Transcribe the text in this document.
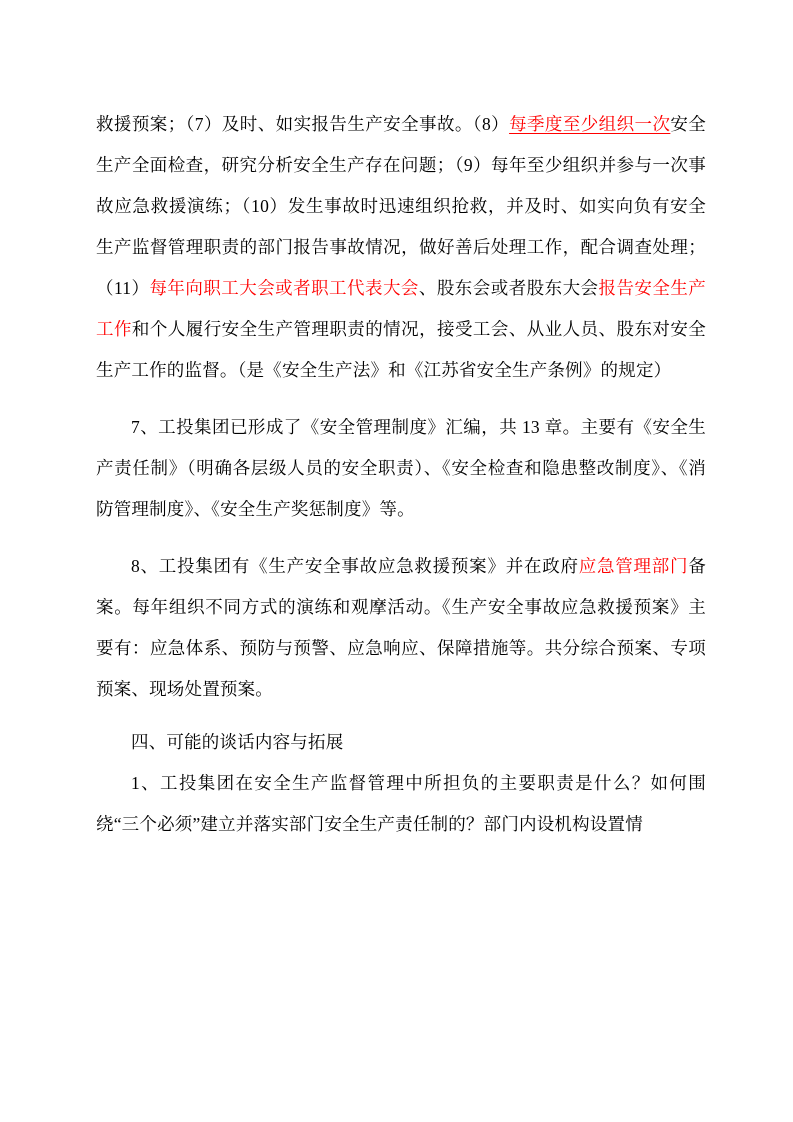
救援预案；（7）及时、如实报告生产安全事故。（8）每季度至少组织一次安全生产全面检查，研究分析安全生产存在问题；（9）每年至少组织并参与一次事故应急救援演练；（10）发生事故时迅速组织抢救，并及时、如实向负有安全生产监督管理职责的部门报告事故情况，做好善后处理工作，配合调查处理；（11）每年向职工大会或者职工代表大会、股东会或者股东大会报告安全生产工作和个人履行安全生产管理职责的情况，接受工会、从业人员、股东对安全生产工作的监督。（是《安全生产法》和《江苏省安全生产条例》的规定）

7、工投集团已形成了《安全管理制度》汇编，共 13 章。主要有《安全生产责任制》（明确各层级人员的安全职责）、《安全检查和隐患整改制度》、《消防管理制度》、《安全生产奖惩制度》等。

8、工投集团有《生产安全事故应急救援预案》并在政府应急管理部门备案。每年组织不同方式的演练和观摩活动。《生产安全事故应急救援预案》主要有：应急体系、预防与预警、应急响应、保障措施等。共分综合预案、专项预案、现场处置预案。

四、可能的谈话内容与拓展

1、工投集团在安全生产监督管理中所担负的主要职责是什么？如何围绕“三个必须”建立并落实部门安全生产责任制的？部门内设机构设置情
